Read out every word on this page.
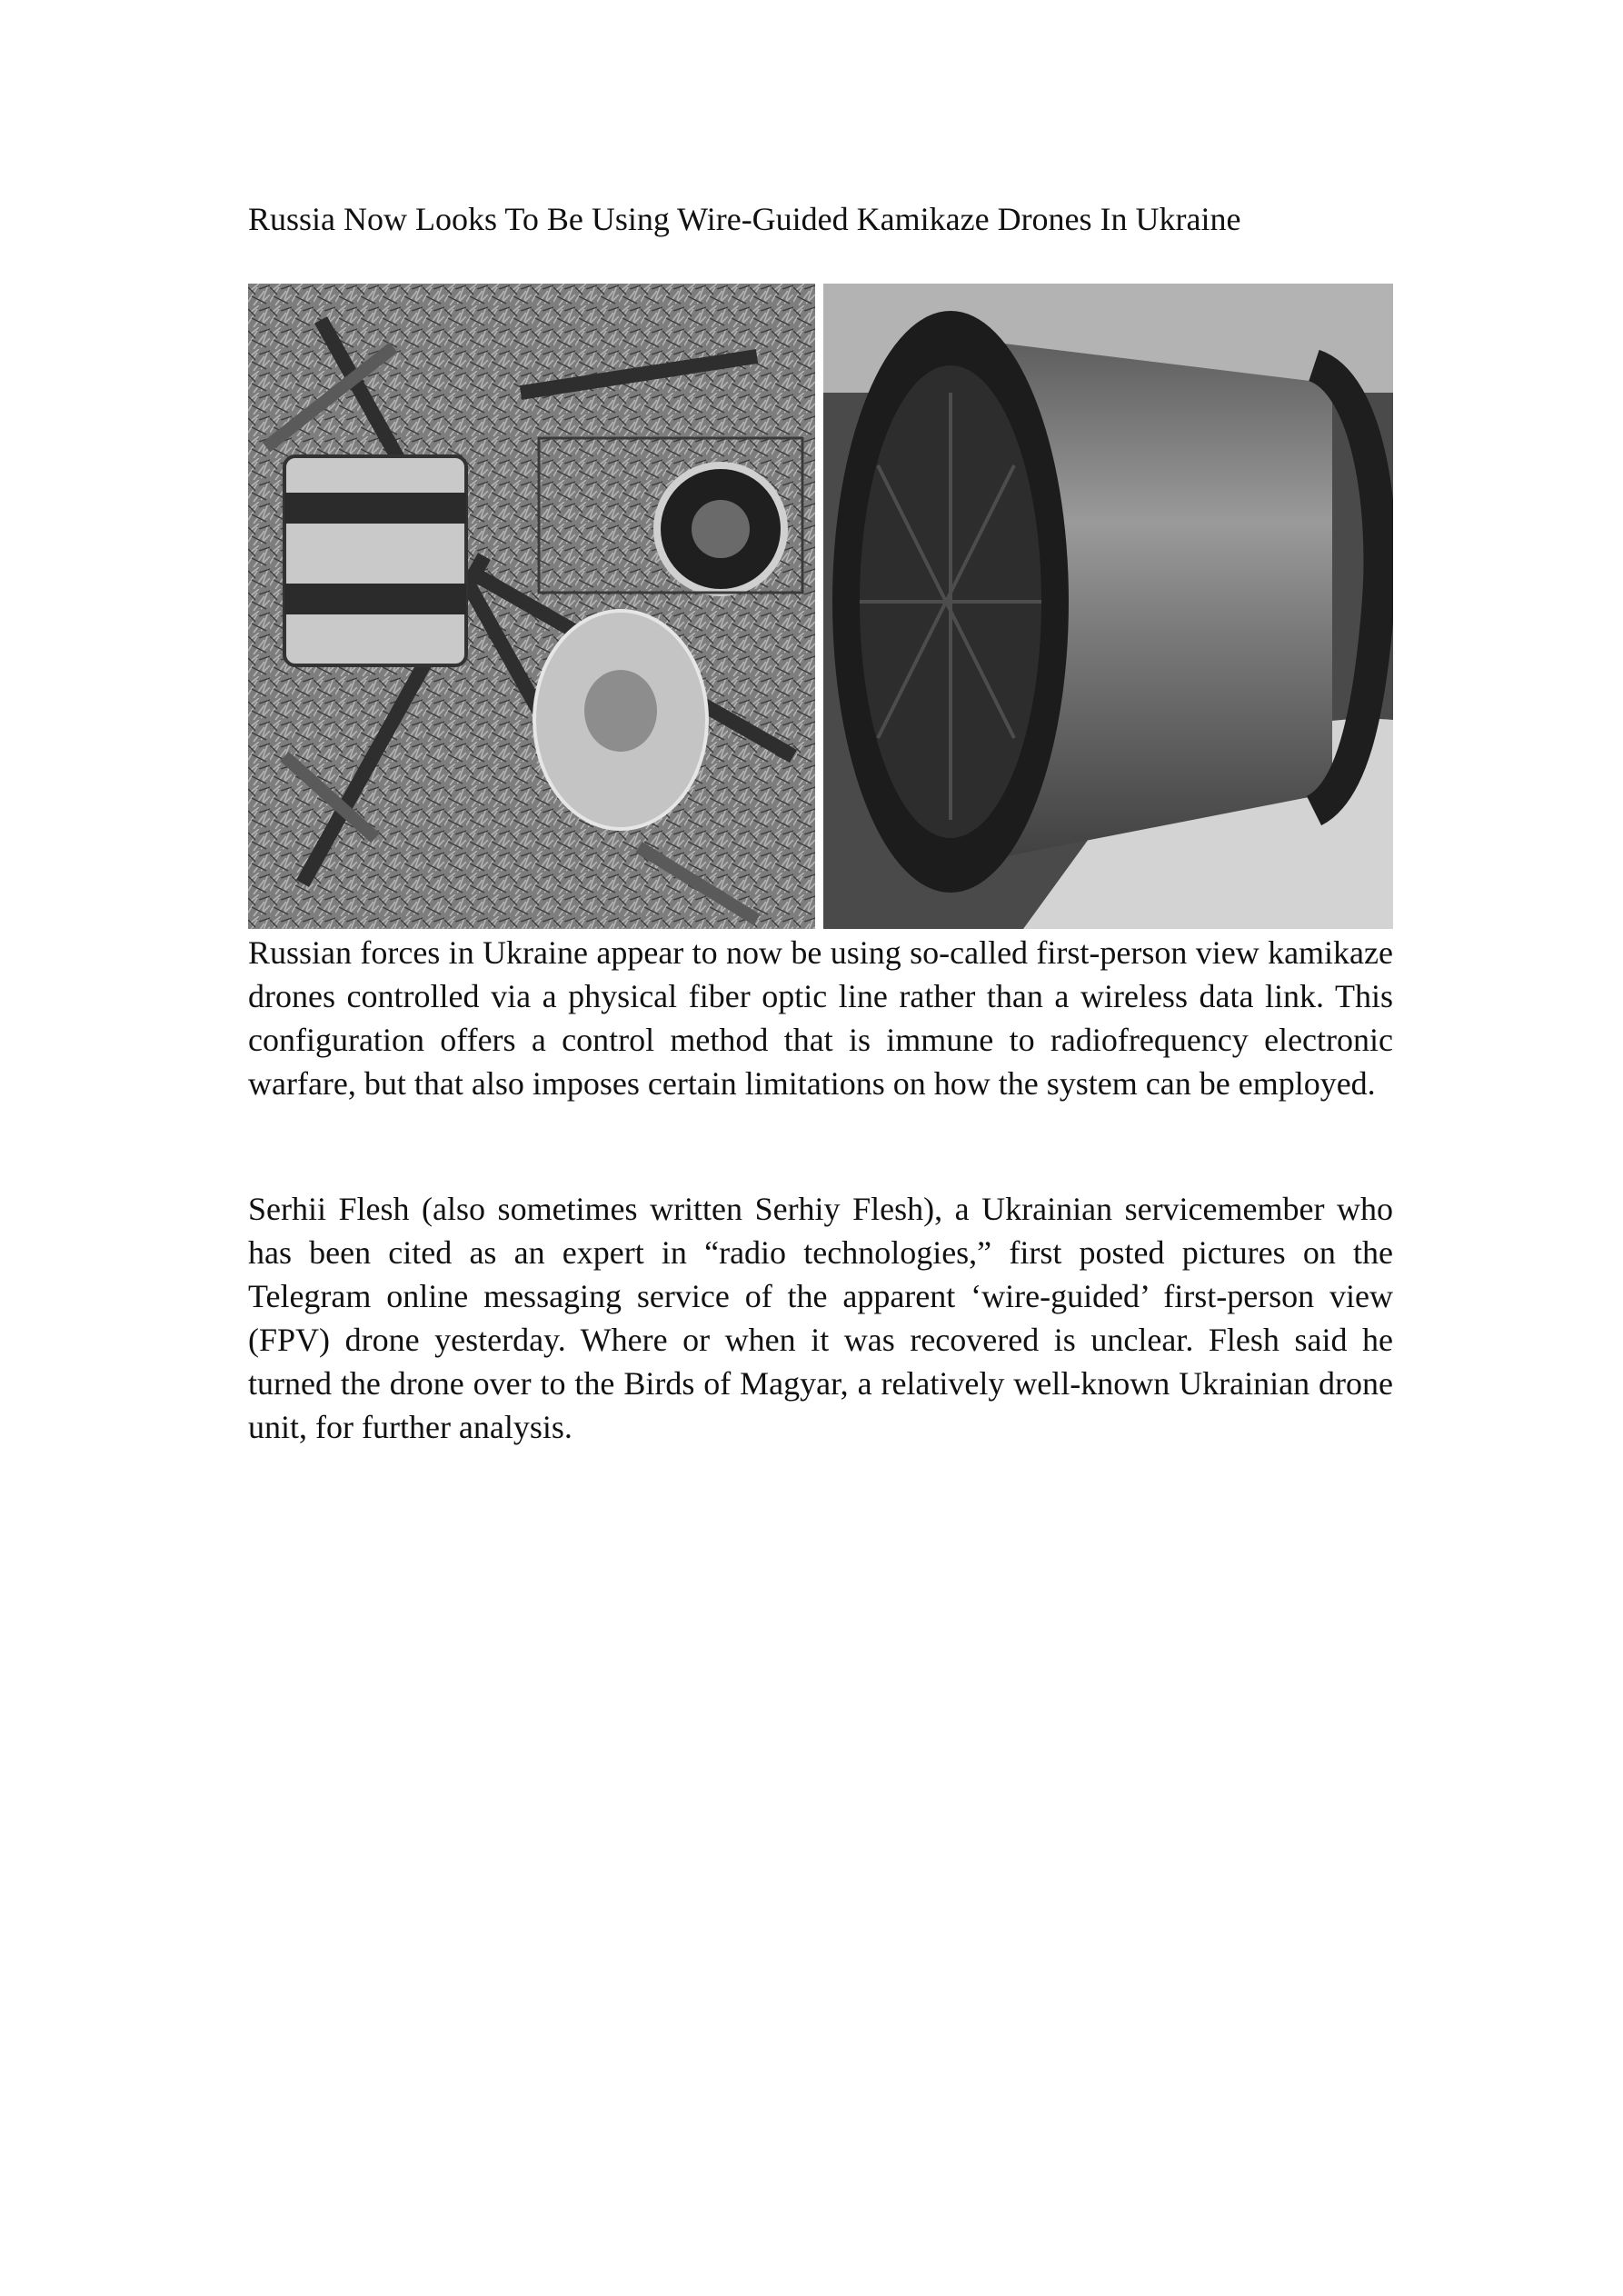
Russia Now Looks To Be Using Wire-Guided Kamikaze Drones In Ukraine

Russian forces in Ukraine appear to now be using so-called first-person view kamikaze drones controlled via a physical fiber optic line rather than a wireless data link. This configuration offers a control method that is immune to radiofrequency electronic warfare, but that also imposes certain limitations on how the system can be employed.

Serhii Flesh (also sometimes written Serhiy Flesh), a Ukrainian servicemember who has been cited as an expert in “radio technologies,” first posted pictures on the Telegram online messaging service of the apparent ‘wire-guided’ first-person view (FPV) drone yesterday. Where or when it was recovered is unclear. Flesh said he turned the drone over to the Birds of Magyar, a relatively well-known Ukrainian drone unit, for further analysis.
